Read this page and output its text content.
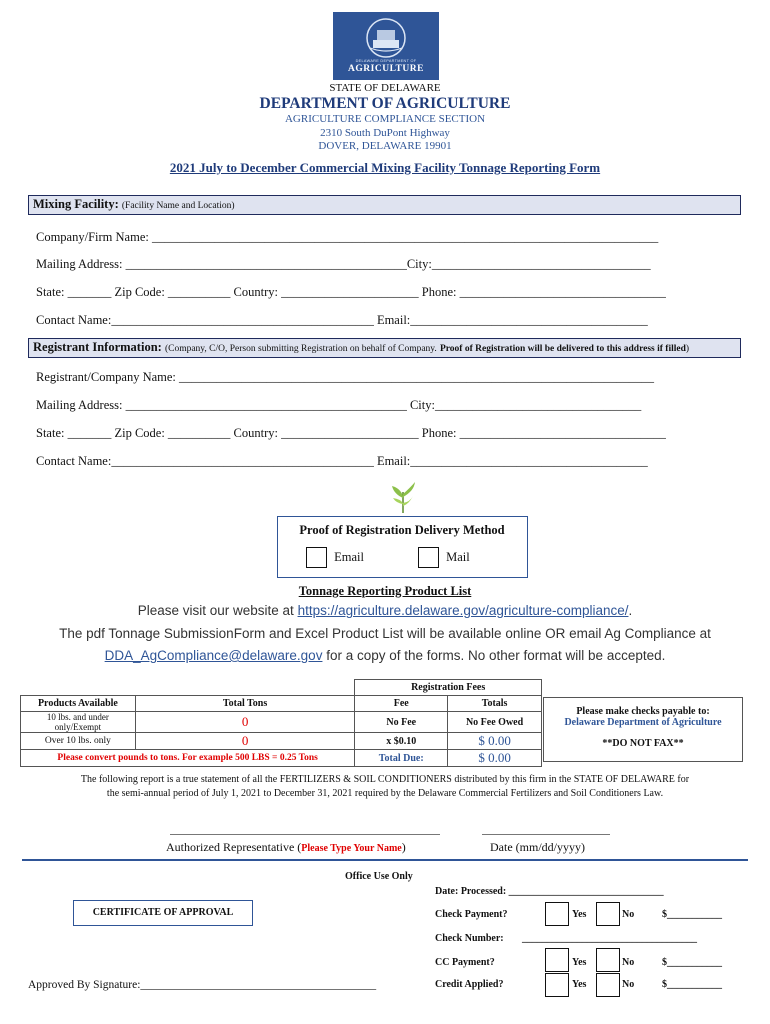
DELAWARE DEPARTMENT OF
AGRICULTURE
STATE OF DELAWARE
DEPARTMENT OF AGRICULTURE
AGRICULTURE COMPLIANCE SECTION
2310 South DuPont Highway
DOVER, DELAWARE 19901
2021 July to December Commercial Mixing Facility Tonnage Reporting Form
Mixing Facility: (Facility Name and Location)
Company/Firm Name: _________________________________________________________________________________
Mailing Address: _____________________________________________City:___________________________________
State: _______ Zip Code: __________ Country: ______________________ Phone: _________________________________
Contact Name:__________________________________________ Email:______________________________________
Registrant Information: (Company, C/O, Person submitting Registration on behalf of Company. Proof of Registration will be delivered to this address if filled)
Registrant/Company Name: ____________________________________________________________________________
Mailing Address: _____________________________________________ City:_________________________________
State: _______ Zip Code: __________ Country: ______________________ Phone: _________________________________
Contact Name:__________________________________________ Email:______________________________________
Proof of Registration Delivery Method
Email	Mail
Tonnage Reporting Product List
Please visit our website at https://agriculture.delaware.gov/agriculture-compliance/.
The pdf Tonnage SubmissionForm and Excel Product List will be available online OR email Ag Compliance at
DDA_AgCompliance@delaware.gov for a copy of the forms. No other format will be accepted.
		Registration Fees	
Products Available	Total Tons	Fee	Totals
10 lbs. and under only/Exempt	0	No Fee	No Fee Owed
Over 10 lbs. only	0	x $0.10	$ 0.00
Please convert pounds to tons. For example 500 LBS = 0.25 Tons		Total Due:	$ 0.00
Please make checks payable to:
Delaware Department of Agriculture
**DO NOT FAX**
The following report is a true statement of all the FERTILIZERS & SOIL CONDITIONERS distributed by this firm in the STATE OF DELAWARE for
the semi-annual period of July 1, 2021 to December 31, 2021 required by the Delaware Commercial Fertilizers and Soil Conditioners Law.
Authorized Representative (Please Type Your Name)	Date (mm/dd/yyyy)
Office Use Only
Date: Processed: _______________________________
CERTIFICATE OF APPROVAL	Check Payment?	Yes	No	$___________
Check Number: ___________________________________
CC Payment?	Yes	No	$___________
Credit Applied?	Yes	No	$___________
Approved By Signature:_________________________________________
